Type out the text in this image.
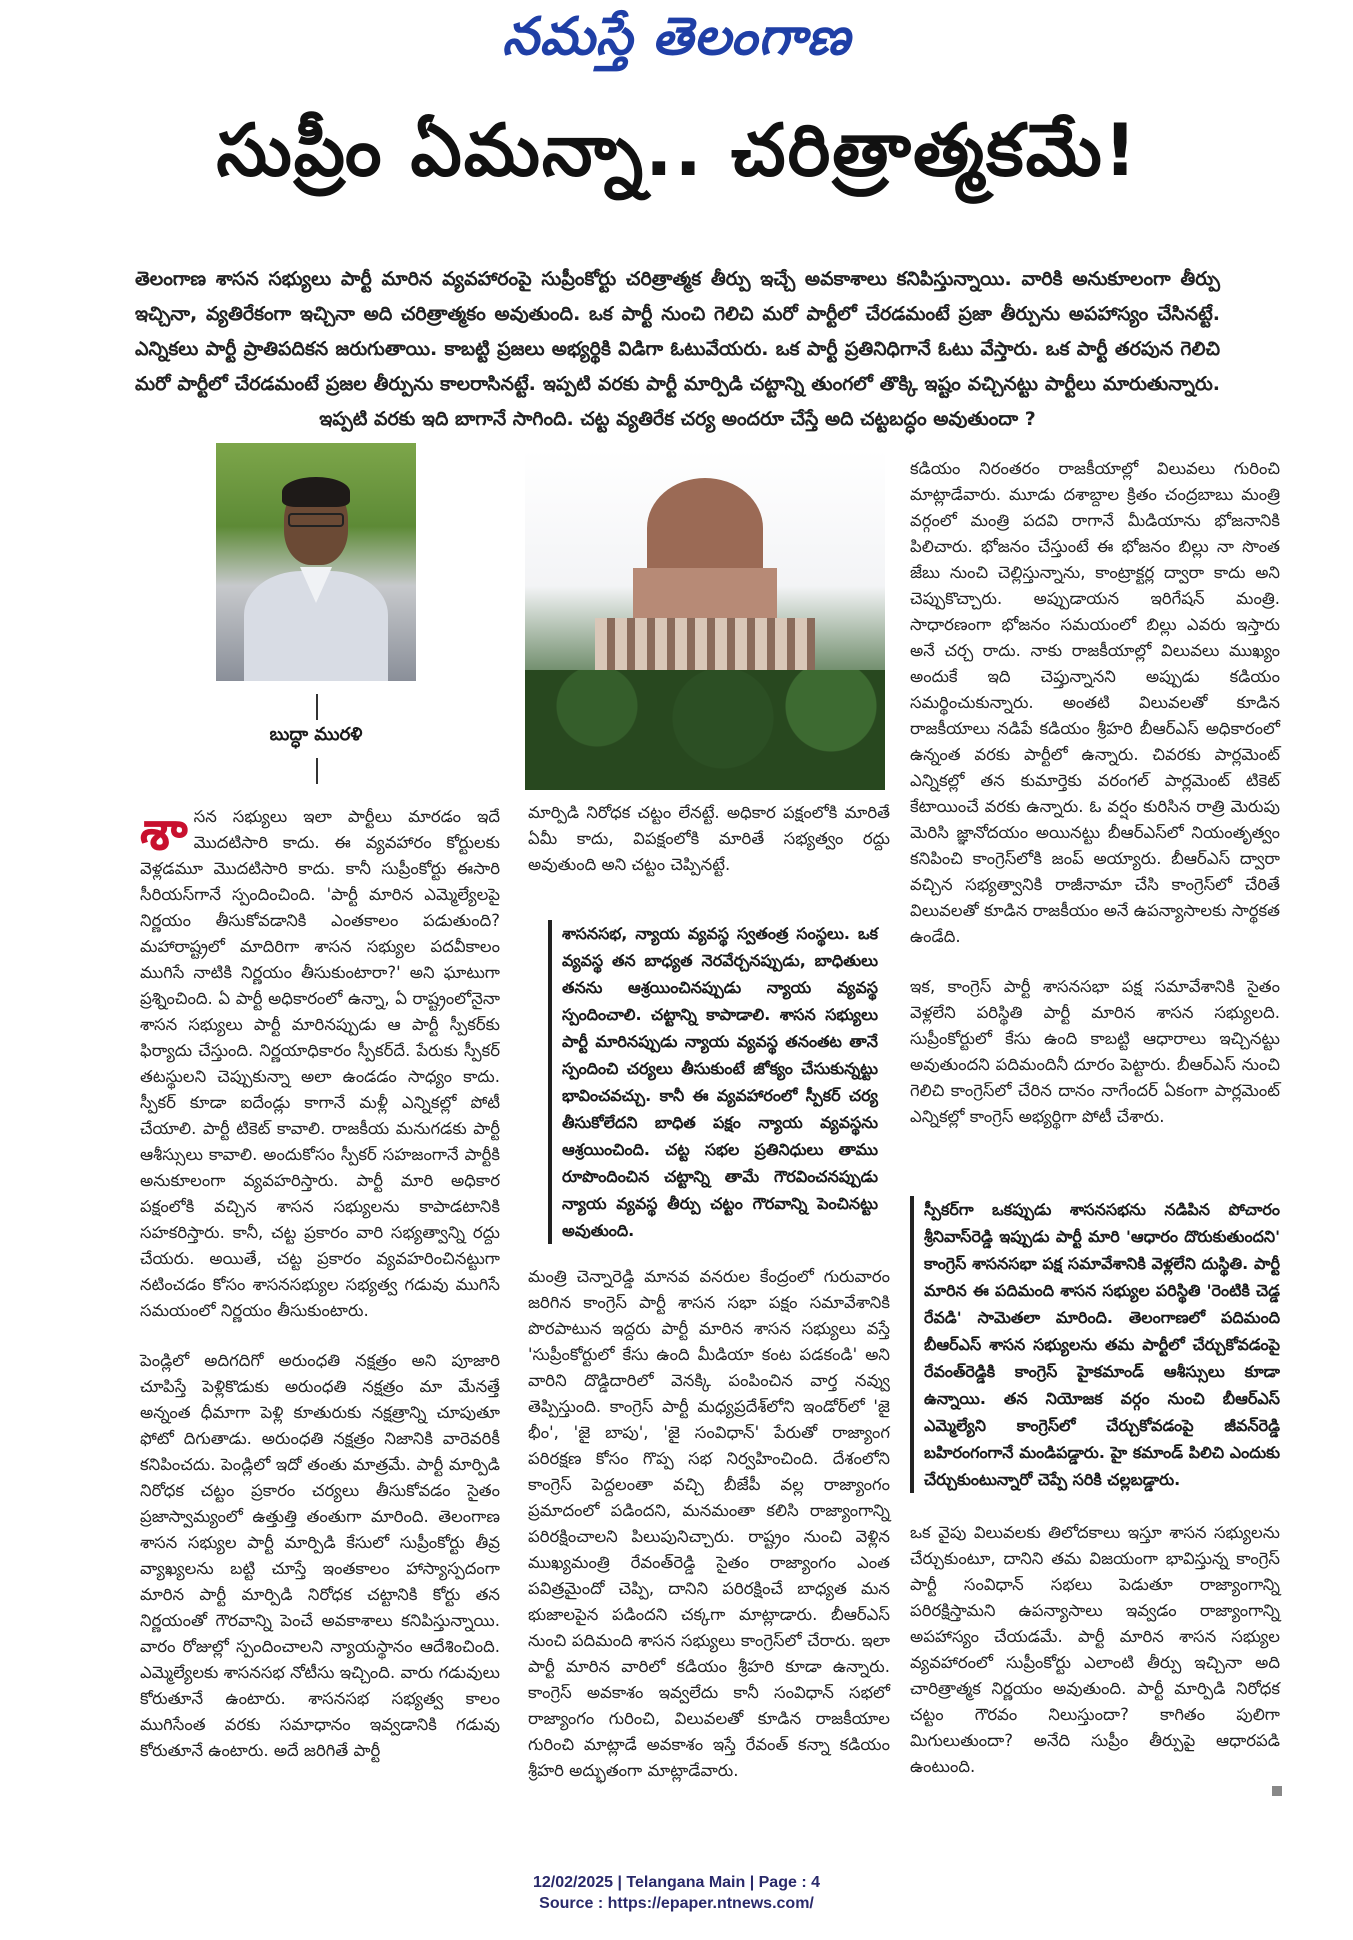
నమస్తే తెలంగాణ
సుప్రీం ఏమన్నా.. చరిత్రాత్మకమే!
తెలంగాణ శాసన సభ్యులు పార్టీ మారిన వ్యవహారంపై సుప్రీంకోర్టు చరిత్రాత్మక తీర్పు ఇచ్చే అవకాశాలు కనిపిస్తున్నాయి. వారికి అనుకూలంగా తీర్పు ఇచ్చినా, వ్యతిరేకంగా ఇచ్చినా అది చరిత్రాత్మకం అవుతుంది. ఒక పార్టీ నుంచి గెలిచి మరో పార్టీలో చేరడమంటే ప్రజా తీర్పును అపహాస్యం చేసినట్టే. ఎన్నికలు పార్టీ ప్రాతిపదికన జరుగుతాయి. కాబట్టి ప్రజలు అభ్యర్థికి విడిగా ఓటువేయరు. ఒక పార్టీ ప్రతినిధిగానే ఓటు వేస్తారు. ఒక పార్టీ తరపున గెలిచి మరో పార్టీలో చేరడమంటే ప్రజల తీర్పును కాలరాసినట్టే. ఇప్పటి వరకు పార్టీ మార్పిడి చట్టాన్ని తుంగలో తొక్కి ఇష్టం వచ్చినట్టు పార్టీలు మారుతున్నారు. ఇప్పటి వరకు ఇది బాగానే సాగింది. చట్ట వ్యతిరేక చర్య అందరూ చేస్తే అది చట్టబద్ధం అవుతుందా ?
బుద్ధా మురళి

శాసన సభ్యులు ఇలా పార్టీలు మారడం ఇదే మొదటిసారి కాదు. ఈ వ్యవహారం కోర్టులకు వెళ్లడమూ మొదటిసారి కాదు. కానీ సుప్రీంకోర్టు ఈసారి సీరియస్‌గానే స్పందించింది. 'పార్టీ మారిన ఎమ్మెల్యేలపై నిర్ణయం తీసుకోవడానికి ఎంతకాలం పడుతుంది? మహారాష్ట్రలో మాదిరిగా శాసన సభ్యుల పదవీకాలం ముగిసే నాటికి నిర్ణయం తీసుకుంటారా?' అని ఘాటుగా ప్రశ్నించింది. ఏ పార్టీ అధికారంలో ఉన్నా, ఏ రాష్ట్రంలోనైనా శాసన సభ్యులు పార్టీ మారినప్పుడు ఆ పార్టీ స్పీకర్‌కు ఫిర్యాదు చేస్తుంది. నిర్ణయాధికారం స్పీకర్‌దే. పేరుకు స్పీకర్ తటస్థులని చెప్పుకున్నా అలా ఉండడం సాధ్యం కాదు. స్పీకర్ కూడా ఐదేండ్లు కాగానే మళ్లీ ఎన్నికల్లో పోటీ చేయాలి. పార్టీ టికెట్ కావాలి. రాజకీయ మనుగడకు పార్టీ ఆశీస్సులు కావాలి. అందుకోసం స్పీకర్ సహజంగానే పార్టీకి అనుకూలంగా వ్యవహరిస్తారు. పార్టీ మారి అధికార పక్షంలోకి వచ్చిన శాసన సభ్యులను కాపాడటానికి సహకరిస్తారు. కానీ, చట్ట ప్రకారం వారి సభ్యత్వాన్ని రద్దు చేయరు. అయితే, చట్ట ప్రకారం వ్యవహరించినట్టుగా నటించడం కోసం శాసనసభ్యుల సభ్యత్వ గడువు ముగిసే సమయంలో నిర్ణయం తీసుకుంటారు.

పెండ్లిలో అదిగదిగో అరుంధతి నక్షత్రం అని పూజారి చూపిస్తే పెళ్లికొడుకు అరుంధతి నక్షత్రం మా మేనత్తే అన్నంత ధీమాగా పెళ్లి కూతురుకు నక్షత్రాన్ని చూపుతూ ఫోటో దిగుతాడు. అరుంధతి నక్షత్రం నిజానికి వారెవరికీ కనిపించదు. పెండ్లిలో ఇదో తంతు మాత్రమే. పార్టీ మార్పిడి నిరోధక చట్టం ప్రకారం చర్యలు తీసుకోవడం సైతం ప్రజాస్వామ్యంలో ఉత్తుత్తి తంతుగా మారింది. తెలంగాణ శాసన సభ్యుల పార్టీ మార్పిడి కేసులో సుప్రీంకోర్టు తీవ్ర వ్యాఖ్యలను బట్టి చూస్తే ఇంతకాలం హాస్యాస్పదంగా మారిన పార్టీ మార్పిడి నిరోధక చట్టానికి కోర్టు తన నిర్ణయంతో గౌరవాన్ని పెంచే అవకాశాలు కనిపిస్తున్నాయి. వారం రోజుల్లో స్పందించాలని న్యాయస్థానం ఆదేశించింది. ఎమ్మెల్యేలకు శాసనసభ నోటీసు ఇచ్చింది. వారు గడువులు కోరుతూనే ఉంటారు. శాసనసభ సభ్యత్వ కాలం ముగిసేంత వరకు సమాధానం ఇవ్వడానికి గడువు కోరుతూనే ఉంటారు. అదే జరిగితే పార్టీ

మార్పిడి నిరోధక చట్టం లేనట్టే. అధికార పక్షంలోకి మారితే ఏమీ కాదు, విపక్షంలోకి మారితే సభ్యత్వం రద్దు అవుతుంది అని చట్టం చెప్పినట్టే.

శాసనసభ, న్యాయ వ్యవస్థ స్వతంత్ర సంస్థలు. ఒక వ్యవస్థ తన బాధ్యత నెరవేర్చనప్పుడు, బాధితులు తనను ఆశ్రయించినప్పుడు న్యాయ వ్యవస్థ స్పందించాలి. చట్టాన్ని కాపాడాలి. శాసన సభ్యులు పార్టీ మారినప్పుడు న్యాయ వ్యవస్థ తనంతట తానే స్పందించి చర్యలు తీసుకుంటే జోక్యం చేసుకున్నట్టు భావించవచ్చు. కానీ ఈ వ్యవహారంలో స్పీకర్ చర్య తీసుకోలేదని బాధిత పక్షం న్యాయ వ్యవస్థను ఆశ్రయించింది. చట్ట సభల ప్రతినిధులు తాము రూపొందించిన చట్టాన్ని తామే గౌరవించనప్పుడు న్యాయ వ్యవస్థ తీర్పు చట్టం గౌరవాన్ని పెంచినట్టు అవుతుంది.

మంత్రి చెన్నారెడ్డి మానవ వనరుల కేంద్రంలో గురువారం జరిగిన కాంగ్రెస్ పార్టీ శాసన సభా పక్షం సమావేశానికి పొరపాటున ఇద్దరు పార్టీ మారిన శాసన సభ్యులు వస్తే 'సుప్రీంకోర్టులో కేసు ఉంది మీడియా కంట పడకండి' అని వారిని దొడ్డిదారిలో వెనక్కి పంపించిన వార్త నవ్వు తెప్పిస్తుంది. కాంగ్రెస్ పార్టీ మధ్యప్రదేశ్‌లోని ఇండోర్‌లో 'జై భీం', 'జై బాపు', 'జై సంవిధాన్' పేరుతో రాజ్యాంగ పరిరక్షణ కోసం గొప్ప సభ నిర్వహించింది. దేశంలోని కాంగ్రెస్ పెద్దలంతా వచ్చి బీజేపీ వల్ల రాజ్యాంగం ప్రమాదంలో పడిందని, మనమంతా కలిసి రాజ్యాంగాన్ని పరిరక్షించాలని పిలుపునిచ్చారు. రాష్ట్రం నుంచి వెళ్లిన ముఖ్యమంత్రి రేవంత్‌రెడ్డి సైతం రాజ్యాంగం ఎంత పవిత్రమైందో చెప్పి, దానిని పరిరక్షించే బాధ్యత మన భుజాలపైన పడిందని చక్కగా మాట్లాడారు. బీఆర్‌ఎస్ నుంచి పదిమంది శాసన సభ్యులు కాంగ్రెస్‌లో చేరారు. ఇలా పార్టీ మారిన వారిలో కడియం శ్రీహరి కూడా ఉన్నారు. కాంగ్రెస్ అవకాశం ఇవ్వలేదు కానీ సంవిధాన్ సభలో రాజ్యాంగం గురించి, విలువలతో కూడిన రాజకీయాల గురించి మాట్లాడే అవకాశం ఇస్తే రేవంత్ కన్నా కడియం శ్రీహరి అద్భుతంగా మాట్లాడేవారు.

కడియం నిరంతరం రాజకీయాల్లో విలువలు గురించి మాట్లాడేవారు. మూడు దశాబ్దాల క్రితం చంద్రబాబు మంత్రి వర్గంలో మంత్రి పదవి రాగానే మీడియాను భోజనానికి పిలిచారు. భోజనం చేస్తుంటే ఈ భోజనం బిల్లు నా సొంత జేబు నుంచి చెల్లిస్తున్నాను, కాంట్రాక్టర్ల ద్వారా కాదు అని చెప్పుకొచ్చారు. అప్పుడాయన ఇరిగేషన్ మంత్రి. సాధారణంగా భోజనం సమయంలో బిల్లు ఎవరు ఇస్తారు అనే చర్చ రాదు. నాకు రాజకీయాల్లో విలువలు ముఖ్యం అందుకే ఇది చెప్తున్నానని అప్పుడు కడియం సమర్థించుకున్నారు. అంతటి విలువలతో కూడిన రాజకీయాలు నడిపే కడియం శ్రీహరి బీఆర్‌ఎస్ అధికారంలో ఉన్నంత వరకు పార్టీలో ఉన్నారు. చివరకు పార్లమెంట్ ఎన్నికల్లో తన కుమార్తెకు వరంగల్ పార్లమెంట్ టికెట్ కేటాయించే వరకు ఉన్నారు. ఓ వర్షం కురిసిన రాత్రి మెరుపు మెరిసి జ్ఞానోదయం అయినట్టు బీఆర్‌ఎస్‌లో నియంతృత్వం కనిపించి కాంగ్రెస్‌లోకి జంప్ అయ్యారు. బీఆర్‌ఎస్ ద్వారా వచ్చిన సభ్యత్వానికి రాజీనామా చేసి కాంగ్రెస్‌లో చేరితే విలువలతో కూడిన రాజకీయం అనే ఉపన్యాసాలకు సార్థకత ఉండేది.

ఇక, కాంగ్రెస్ పార్టీ శాసనసభా పక్ష సమావేశానికి సైతం వెళ్లలేని పరిస్థితి పార్టీ మారిన శాసన సభ్యులది. సుప్రీంకోర్టులో కేసు ఉంది కాబట్టి ఆధారాలు ఇచ్చినట్టు అవుతుందని పదిమందినీ దూరం పెట్టారు. బీఆర్‌ఎస్ నుంచి గెలిచి కాంగ్రెస్‌లో చేరిన దానం నాగేందర్ ఏకంగా పార్లమెంట్ ఎన్నికల్లో కాంగ్రెస్ అభ్యర్థిగా పోటీ చేశారు.

స్పీకర్‌గా ఒకప్పుడు శాసనసభను నడిపిన పోచారం శ్రీనివాస్‌రెడ్డి ఇప్పుడు పార్టీ మారి 'ఆధారం దొరుకుతుందని' కాంగ్రెస్ శాసనసభా పక్ష సమావేశానికి వెళ్లలేని దుస్థితి. పార్టీ మారిన ఈ పదిమంది శాసన సభ్యుల పరిస్థితి 'రెంటికి చెడ్డ రేవడి' సామెతలా మారింది. తెలంగాణలో పదిమంది బీఆర్‌ఎస్ శాసన సభ్యులను తమ పార్టీలో చేర్చుకోవడంపై రేవంత్‌రెడ్డికి కాంగ్రెస్ హైకమాండ్ ఆశీస్సులు కూడా ఉన్నాయి. తన నియోజక వర్గం నుంచి బీఆర్‌ఎస్ ఎమ్మెల్యేని కాంగ్రెస్‌లో చేర్చుకోవడంపై జీవన్‌రెడ్డి బహిరంగంగానే మండిపడ్డారు. హై కమాండ్ పిలిచి ఎందుకు చేర్చుకుంటున్నారో చెప్పే సరికి చల్లబడ్డారు.

ఒక వైపు విలువలకు తిలోదకాలు ఇస్తూ శాసన సభ్యులను చేర్చుకుంటూ, దానిని తమ విజయంగా భావిస్తున్న కాంగ్రెస్ పార్టీ సంవిధాన్ సభలు పెడుతూ రాజ్యాంగాన్ని పరిరక్షిస్తామని ఉపన్యాసాలు ఇవ్వడం రాజ్యాంగాన్ని అపహాస్యం చేయడమే. పార్టీ మారిన శాసన సభ్యుల వ్యవహారంలో సుప్రీంకోర్టు ఎలాంటి తీర్పు ఇచ్చినా అది చారిత్రాత్మక నిర్ణయం అవుతుంది. పార్టీ మార్పిడి నిరోధక చట్టం గౌరవం నిలుస్తుందా? కాగితం పులిగా మిగులుతుందా? అనేది సుప్రీం తీర్పుపై ఆధారపడి ఉంటుంది.

12/02/2025 | Telangana Main | Page : 4
Source : https://epaper.ntnews.com/
